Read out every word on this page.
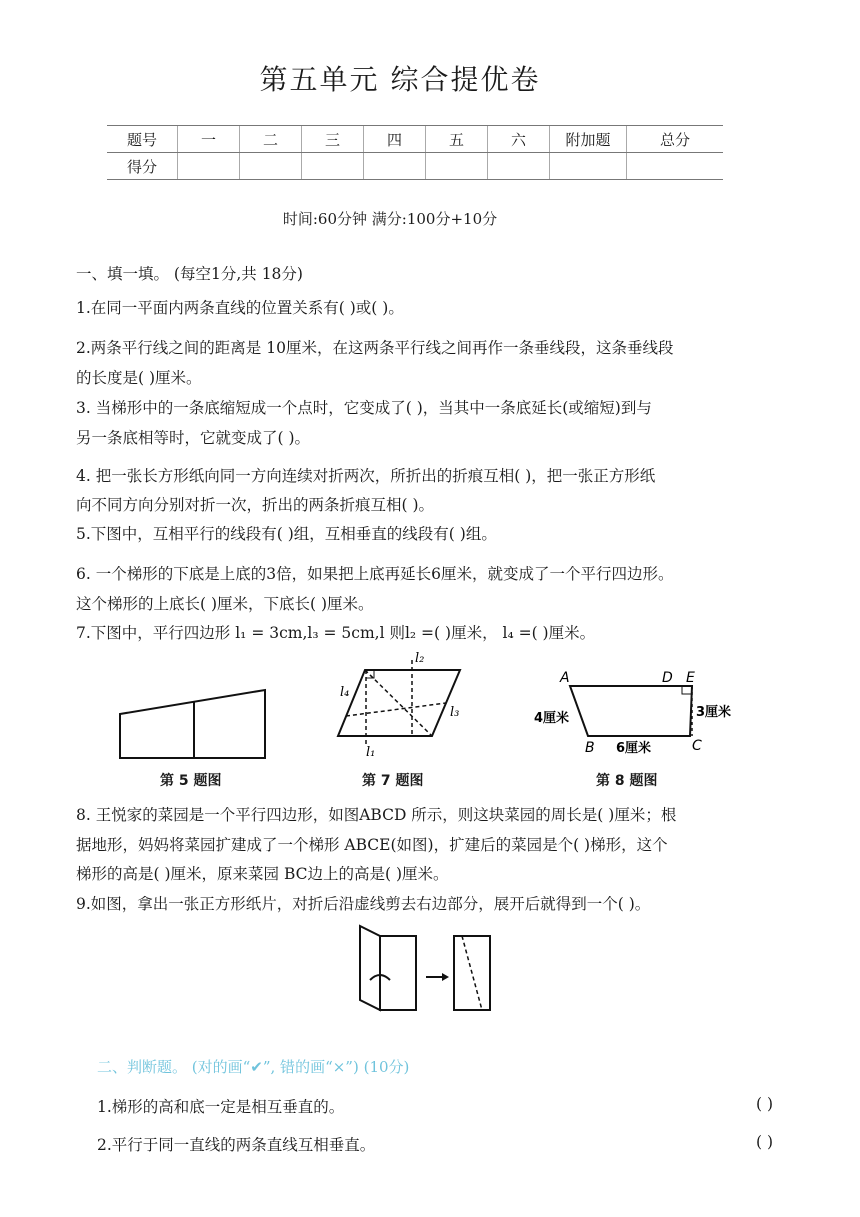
第五单元 综合提优卷
题号	一	二	三	四	五	六	附加题	总分
得分								
时间:60分钟 满分:100分+10分
一、填一填。 (每空1分,共 18分)
1.在同一平面内两条直线的位置关系有( )或( )。
2.两条平行线之间的距离是 10厘米，在这两条平行线之间再作一条垂线段，这条垂线段
的长度是( )厘米。
3. 当梯形中的一条底缩短成一个点时，它变成了( )，当其中一条底延长(或缩短)到与
另一条底相等时，它就变成了( )。
4. 把一张长方形纸向同一方向连续对折两次，所折出的折痕互相( )，把一张正方形纸
向不同方向分别对折一次，折出的两条折痕互相( )。
5.下图中，互相平行的线段有( )组，互相垂直的线段有( )组。
6. 一个梯形的下底是上底的3倍，如果把上底再延长6厘米，就变成了一个平行四边形。
这个梯形的上底长( )厘米，下底长( )厘米。
7.下图中，平行四边形 l₁ = 3cm,l₃ = 5cm,l 则l₂ =( )厘米， l₄ =( )厘米。
第 5 题图
l₂
l₄
l₃
l₁
第 7 题图
A	D E
B	C
4厘米	3厘米
6厘米
第 8 题图
8. 王悦家的菜园是一个平行四边形，如图ABCD 所示，则这块菜园的周长是( )厘米；根
据地形，妈妈将菜园扩建成了一个梯形 ABCE(如图)，扩建后的菜园是个( )梯形，这个
梯形的高是( )厘米，原来菜园 BC边上的高是( )厘米。
9.如图，拿出一张正方形纸片，对折后沿虚线剪去右边部分，展开后就得到一个( )。
二、判断题。 (对的画“✔”, 错的画“×”) (10分)
1.梯形的高和底一定是相互垂直的。	( )
2.平行于同一直线的两条直线互相垂直。	( )
